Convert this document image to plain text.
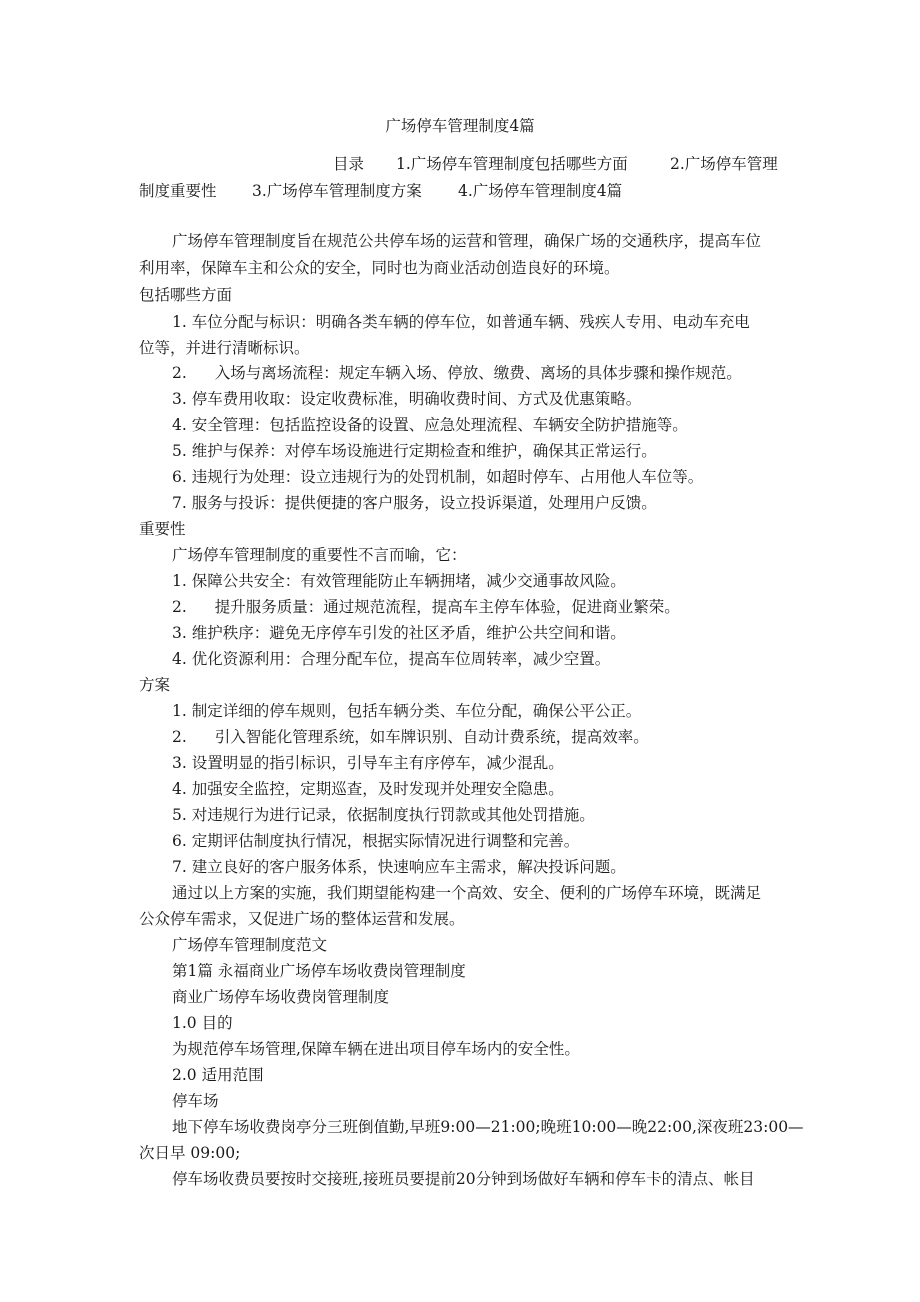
广场停车管理制度4篇
目录 1.广场停车管理制度包括哪些方面	2.广场停车管理
制度重要性 3.广场停车管理制度方案 4.广场停车管理制度4篇
广场停车管理制度旨在规范公共停车场的运营和管理，确保广场的交通秩序，提高车位
利用率，保障车主和公众的安全，同时也为商业活动创造良好的环境。
包括哪些方面
1. 车位分配与标识：明确各类车辆的停车位，如普通车辆、残疾人专用、电动车充电
位等，并进行清晰标识。
2. 入场与离场流程：规定车辆入场、停放、缴费、离场的具体步骤和操作规范。
3. 停车费用收取：设定收费标准，明确收费时间、方式及优惠策略。
4. 安全管理：包括监控设备的设置、应急处理流程、车辆安全防护措施等。
5. 维护与保养：对停车场设施进行定期检查和维护，确保其正常运行。
6. 违规行为处理：设立违规行为的处罚机制，如超时停车、占用他人车位等。
7. 服务与投诉：提供便捷的客户服务，设立投诉渠道，处理用户反馈。
重要性
广场停车管理制度的重要性不言而喻，它：
1. 保障公共安全：有效管理能防止车辆拥堵，减少交通事故风险。
2. 提升服务质量：通过规范流程，提高车主停车体验，促进商业繁荣。
3. 维护秩序：避免无序停车引发的社区矛盾，维护公共空间和谐。
4. 优化资源利用：合理分配车位，提高车位周转率，减少空置。
方案
1. 制定详细的停车规则，包括车辆分类、车位分配，确保公平公正。
2. 引入智能化管理系统，如车牌识别、自动计费系统，提高效率。
3. 设置明显的指引标识，引导车主有序停车，减少混乱。
4. 加强安全监控，定期巡查，及时发现并处理安全隐患。
5. 对违规行为进行记录，依据制度执行罚款或其他处罚措施。
6. 定期评估制度执行情况，根据实际情况进行调整和完善。
7. 建立良好的客户服务体系，快速响应车主需求，解决投诉问题。
通过以上方案的实施，我们期望能构建一个高效、安全、便利的广场停车环境，既满足
公众停车需求，又促进广场的整体运营和发展。
广场停车管理制度范文
第1篇 永福商业广场停车场收费岗管理制度
商业广场停车场收费岗管理制度
1.0 目的
为规范停车场管理,保障车辆在进出项目停车场内的安全性。
2.0 适用范围
停车场
地下停车场收费岗亭分三班倒值勤,早班9:00—21:00;晚班10:00—晚22:00,深夜班23:00—
次日早 09:00;
停车场收费员要按时交接班,接班员要提前20分钟到场做好车辆和停车卡的清点、帐目
